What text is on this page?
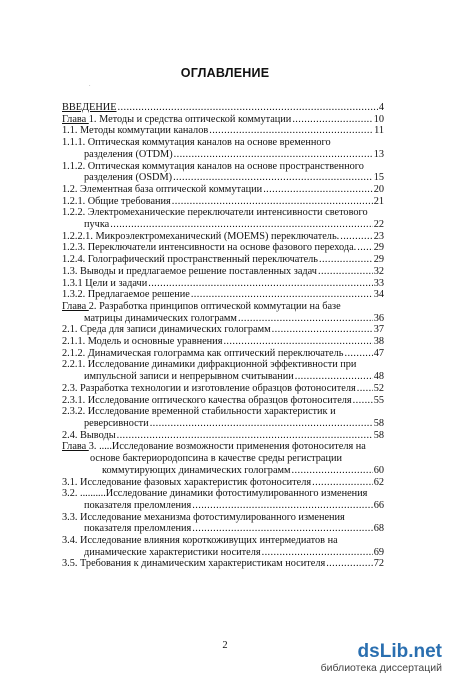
ОГЛАВЛЕНИЕ
.
ВВЕДЕНИЕ .....	4
Глава 1. Методы и средства оптической коммутации .....	10
1.1. Методы коммутации каналов .....	11
1.1.1. Оптическая коммутация каналов на основе временного
разделения (OTDM) .....	13
1.1.2. Оптическая коммутация каналов на основе пространственного
разделения (OSDM) .....	15
1.2. Элементная база оптической коммутации .....	20
1.2.1. Общие требования .....	21
1.2.2. Электромеханические переключатели интенсивности светового
пучка .....	22
1.2.2.1. Микроэлектромеханический (MOEMS) переключатель. .....	23
1.2.3. Переключатели интенсивности на основе фазового перехода. ..... 29
1.2.4. Голографический пространственный переключатель .....	29
1.3. Выводы и предлагаемое решение поставленных задач .....	32
1.3.1 Цели и задачи .....	33
1.3.2. Предлагаемое решение .....	34
Глава 2. Разработка принципов оптической коммутации на базе
матрицы динамических голограмм .....	36
2.1. Среда для записи динамических голограмм .....	37
2.1.1. Модель и основные уравнения .....	38
2.1.2. Динамическая голограмма как оптический переключатель .....	47
2.2.1. Исследование динамики дифракционной эффективности при
импульсной записи и непрерывном считывании .....	48
2.3. Разработка технологии и изготовление образцов фотоносителя ..... 52
2.3.1. Исследование оптического качества образцов фотоносителя ..... 55
2.3.2. Исследование временной стабильности характеристик и
реверсивности .....	58
2.4. Выводы .....	58
Глава 3. .....Исследование возможности применения фотоносителя на
основе бактериородопсина в качестве среды регистрации
коммутирующих динамических голограмм .....	60
3.1. Исследование фазовых характеристик фотоносителя .....	62
3.2. ..........Исследование динамики фотостимулированного изменения
показателя преломления .....	66
3.3. Исследование механизма фотостимулированного изменения
показателя преломления .....	68
3.4. Исследование влияния короткоживущих интермедиатов на
динамические характеристики носителя .....	69
3.5. Требования к динамическим характеристикам носителя .....	72
2	dsLib.net
библиотека диссертаций
